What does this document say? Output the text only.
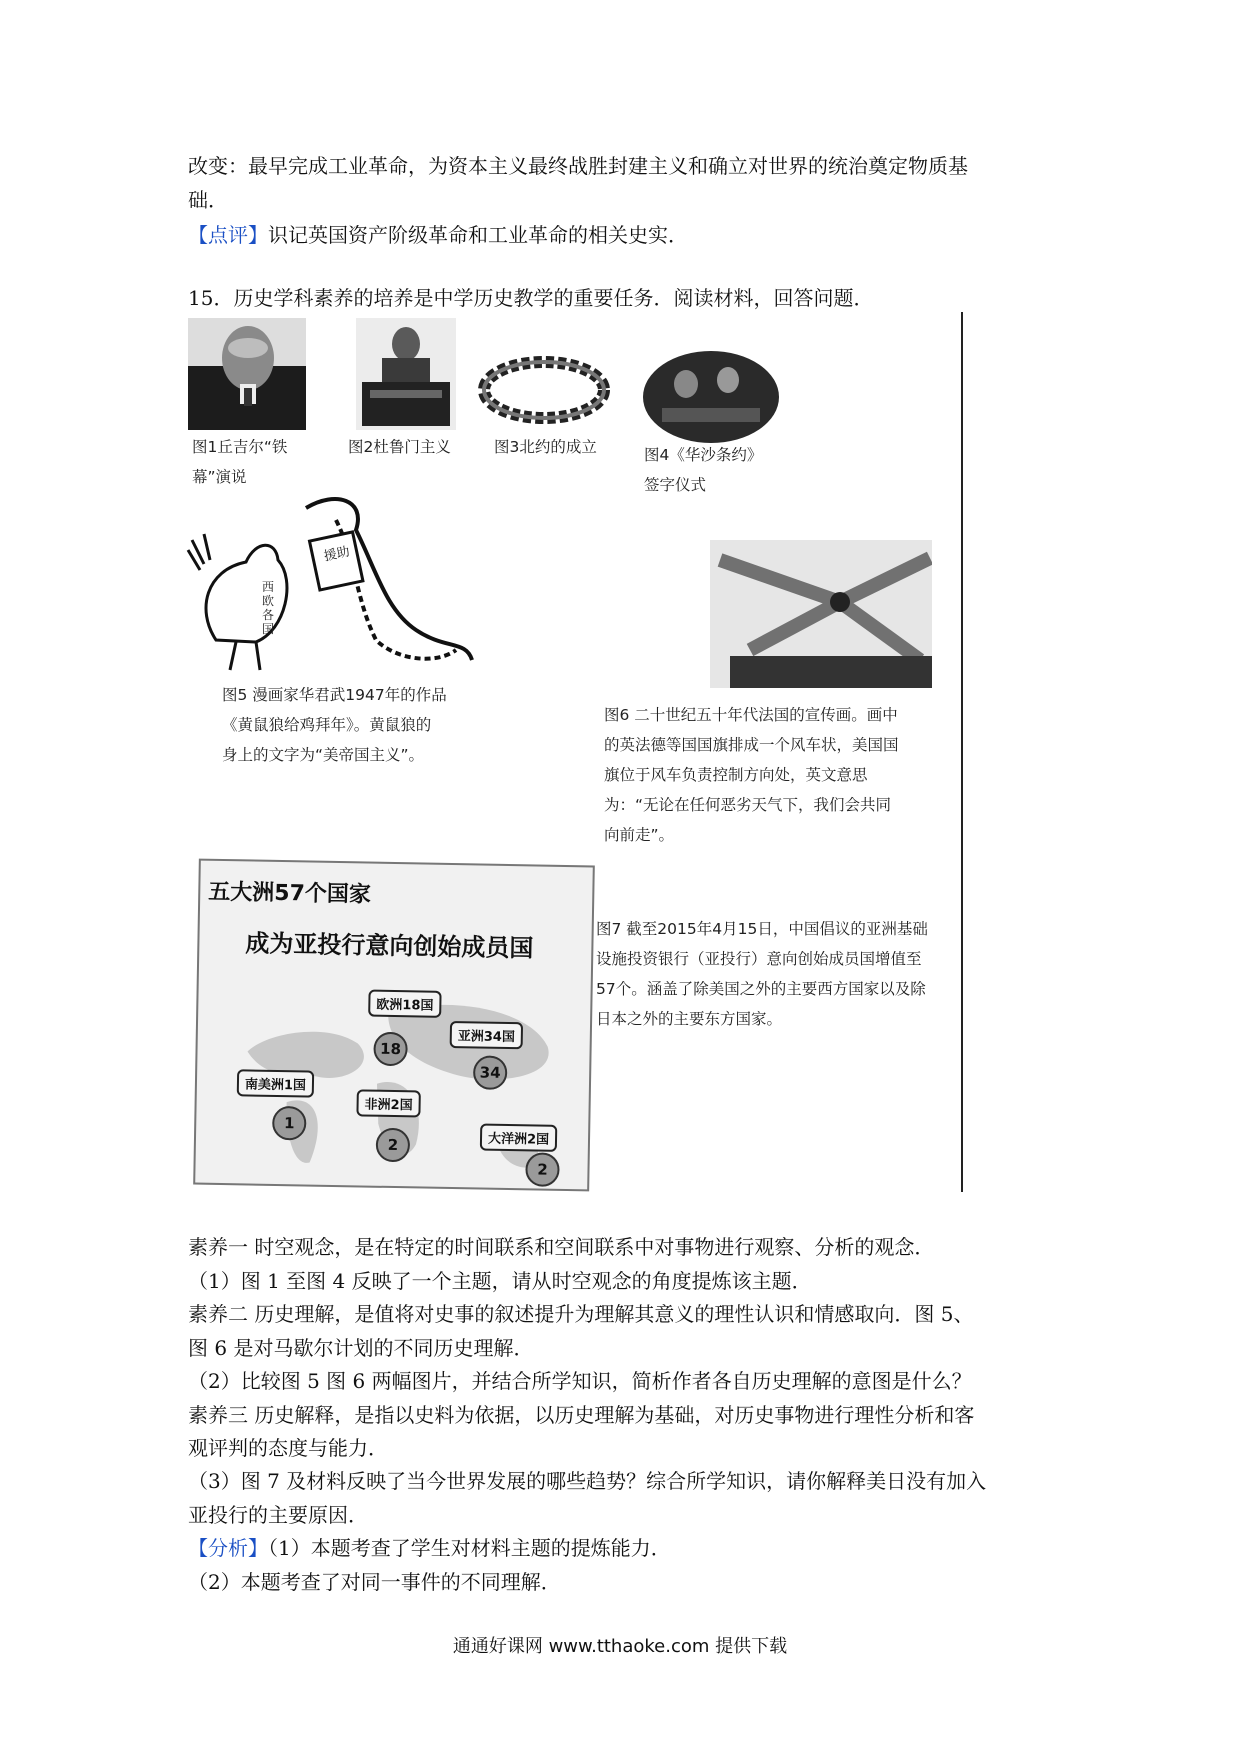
改变：最早完成工业革命，为资本主义最终战胜封建主义和确立对世界的统治奠定物质基
础．
【点评】识记英国资产阶级革命和工业革命的相关史实．
15．历史学科素养的培养是中学历史教学的重要任务．阅读材料，回答问题．
图1丘吉尔“铁
幕”演说
图2杜鲁门主义	图3北约的成立	图4《华沙条约》
签字仪式
援助
西欧各国
图5 漫画家华君武1947年的作品
《黄鼠狼给鸡拜年》。黄鼠狼的
身上的文字为“美帝国主义”。
图6 二十世纪五十年代法国的宣传画。画中
的英法德等国国旗排成一个风车状，美国国
旗位于风车负责控制方向处，英文意思
为：“无论在任何恶劣天气下，我们会共同
向前走”。
五大洲57个国家
成为亚投行意向创始成员国
欧洲18国
亚洲34国
南美洲1国
非洲2国
大洋洲2国
18
34
1
2
2
图7 截至2015年4月15日，中国倡议的亚洲基础
设施投资银行（亚投行）意向创始成员国增值至
57个。涵盖了除美国之外的主要西方国家以及除
日本之外的主要东方国家。
素养一 时空观念，是在特定的时间联系和空间联系中对事物进行观察、分析的观念．
（1）图 1 至图 4 反映了一个主题，请从时空观念的角度提炼该主题．
素养二 历史理解，是值将对史事的叙述提升为理解其意义的理性认识和情感取向．图 5、
图 6 是对马歇尔计划的不同历史理解．
（2）比较图 5 图 6 两幅图片，并结合所学知识，简析作者各自历史理解的意图是什么？
素养三 历史解释，是指以史料为依据，以历史理解为基础，对历史事物进行理性分析和客
观评判的态度与能力．
（3）图 7 及材料反映了当今世界发展的哪些趋势？综合所学知识，请你解释美日没有加入
亚投行的主要原因．
【分析】（1）本题考查了学生对材料主题的提炼能力．
（2）本题考查了对同一事件的不同理解．
通通好课网 www.tthaoke.com 提供下载
